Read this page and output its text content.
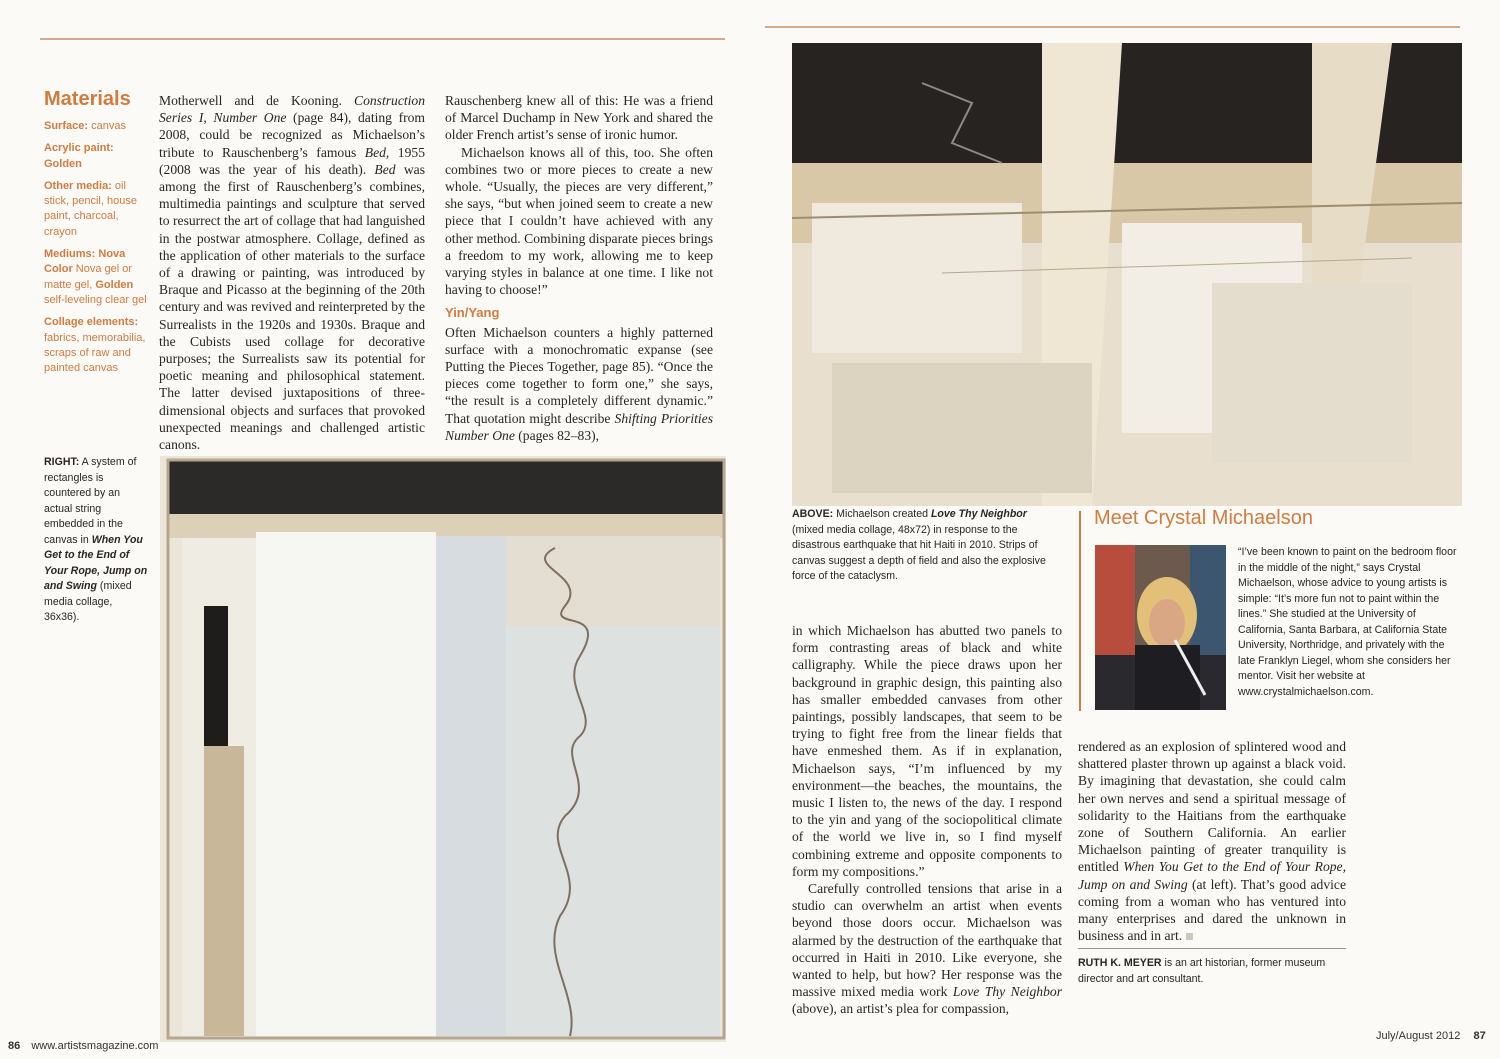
Materials

Surface: canvas

Acrylic paint: Golden

Other media: oil stick, pencil, house paint, charcoal, crayon

Mediums: Nova Color Nova gel or matte gel, Golden self-leveling clear gel

Collage elements: fabrics, memorabilia, scraps of raw and painted canvas

Motherwell and de Kooning. Construction Series I, Number One (page 84), dating from 2008, could be recognized as Michaelson’s tribute to Rauschenberg’s famous Bed, 1955 (2008 was the year of his death). Bed was among the first of Rauschenberg’s combines, multimedia paintings and sculpture that served to resurrect the art of collage that had languished in the postwar atmosphere. Collage, defined as the application of other materials to the surface of a drawing or painting, was introduced by Braque and Picasso at the beginning of the 20th century and was revived and reinterpreted by the Surrealists in the 1920s and 1930s. Braque and the Cubists used collage for decorative purposes; the Surrealists saw its potential for poetic meaning and philosophical statement. The latter devised juxtapositions of three-dimensional objects and surfaces that provoked unexpected meanings and challenged artistic canons.

Rauschenberg knew all of this: He was a friend of Marcel Duchamp in New York and shared the older French artist’s sense of ironic humor.

Michaelson knows all of this, too. She often combines two or more pieces to create a new whole. “Usually, the pieces are very different,” she says, “but when joined seem to create a new piece that I couldn’t have achieved with any other method. Combining disparate pieces brings a freedom to my work, allowing me to keep varying styles in balance at one time. I like not having to choose!”

Yin/Yang

Often Michaelson counters a highly patterned surface with a monochromatic expanse (see Putting the Pieces Together, page 85). “Once the pieces come together to form one,” she says, “the result is a completely different dynamic.” That quotation might describe Shifting Priorities Number One (pages 82–83),

RIGHT: A system of rectangles is countered by an actual string embedded in the canvas in When You Get to the End of Your Rope, Jump on and Swing (mixed media collage, 36x36).
86 www.artistsmagazine.com
ABOVE: Michaelson created Love Thy Neighbor (mixed media collage, 48x72) in response to the disastrous earthquake that hit Haiti in 2010. Strips of canvas suggest a depth of field and also the explosive force of the cataclysm.
Meet Crystal Michaelson
“I’ve been known to paint on the bedroom floor in the middle of the night,” says Crystal Michaelson, whose advice to young artists is simple: “It’s more fun not to paint within the lines.” She studied at the University of California, Santa Barbara, at California State University, Northridge, and privately with the late Franklyn Liegel, whom she considers her mentor. Visit her website at www.crystalmichaelson.com.

in which Michaelson has abutted two panels to form contrasting areas of black and white calligraphy. While the piece draws upon her background in graphic design, this painting also has smaller embedded canvases from other paintings, possibly landscapes, that seem to be trying to fight free from the linear fields that have enmeshed them. As if in explanation, Michaelson says, “I’m influenced by my environment—the beaches, the mountains, the music I listen to, the news of the day. I respond to the yin and yang of the sociopolitical climate of the world we live in, so I find myself combining extreme and opposite components to form my compositions.”

Carefully controlled tensions that arise in a studio can overwhelm an artist when events beyond those doors occur. Michaelson was alarmed by the destruction of the earthquake that occurred in Haiti in 2010. Like everyone, she wanted to help, but how? Her response was the massive mixed media work Love Thy Neighbor (above), an artist’s plea for compassion,

rendered as an explosion of splintered wood and shattered plaster thrown up against a black void. By imagining that devastation, she could calm her own nerves and send a spiritual message of solidarity to the Haitians from the earthquake zone of Southern California. An earlier Michaelson painting of greater tranquility is entitled When You Get to the End of Your Rope, Jump on and Swing (at left). That’s good advice coming from a woman who has ventured into many enterprises and dared the unknown in business and in art.

RUTH K. MEYER is an art historian, former museum director and art consultant.
July/August 2012 87
